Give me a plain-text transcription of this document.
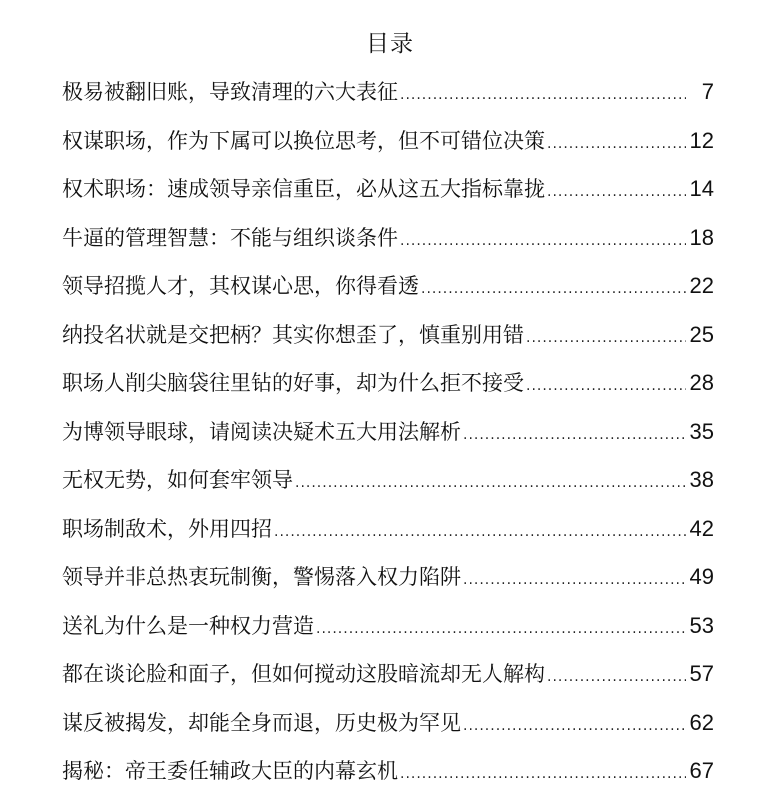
目录
极易被翻旧账，导致清理的六大表征 .....	7
权谋职场，作为下属可以换位思考，但不可错位决策 .....	12
权术职场：速成领导亲信重臣，必从这五大指标靠拢 .....	14
牛逼的管理智慧：不能与组织谈条件 .....	18
领导招揽人才，其权谋心思，你得看透 .....	22
纳投名状就是交把柄？其实你想歪了，慎重别用错 .....	25
职场人削尖脑袋往里钻的好事，却为什么拒不接受 .....	28
为博领导眼球，请阅读决疑术五大用法解析 .....	35
无权无势，如何套牢领导 .....	38
职场制敌术，外用四招 .....	42
领导并非总热衷玩制衡，警惕落入权力陷阱 .....	49
送礼为什么是一种权力营造 .....	53
都在谈论脸和面子，但如何搅动这股暗流却无人解构 .....	57
谋反被揭发，却能全身而退，历史极为罕见 .....	62
揭秘：帝王委任辅政大臣的内幕玄机 .....	67
